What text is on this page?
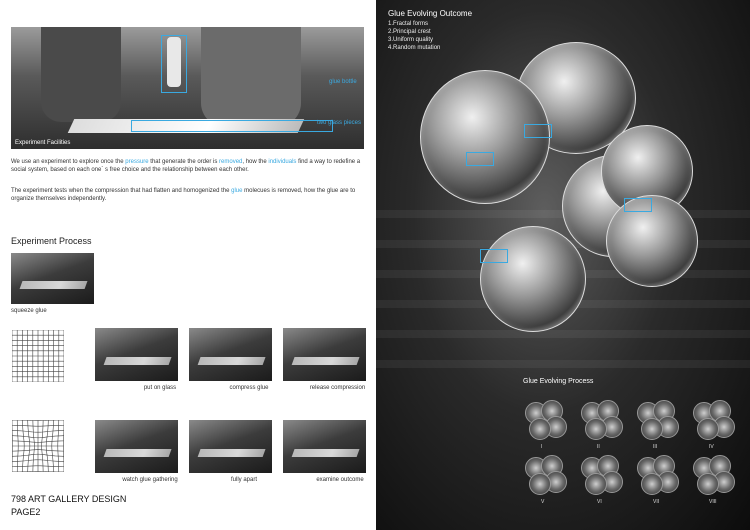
glue bottle
two glass pieces
Experiment Facilities
We use an experiment to explore once the pressure that generate the order is removed, how the individuals find a way to redefine a social system, based on each one´ s free choice and the relationship between each other.
The experiment tests when the compression that had flatten and homogenized the glue molecues is removed, how the glue are to organize themselves independently.
Experiment Process
squeeze glue
put on glass	compress glue	release compression
watch glue gathering	fully apart	examine outcome
798 ART GALLERY DESIGN
PAGE2
Glue Evolving Outcome
1.Fractal forms
2.Principal crest
3.Uniform quality
4.Random mutation
Glue Evolving Process
I	II	III	IV
V	VI	VII	VIII
